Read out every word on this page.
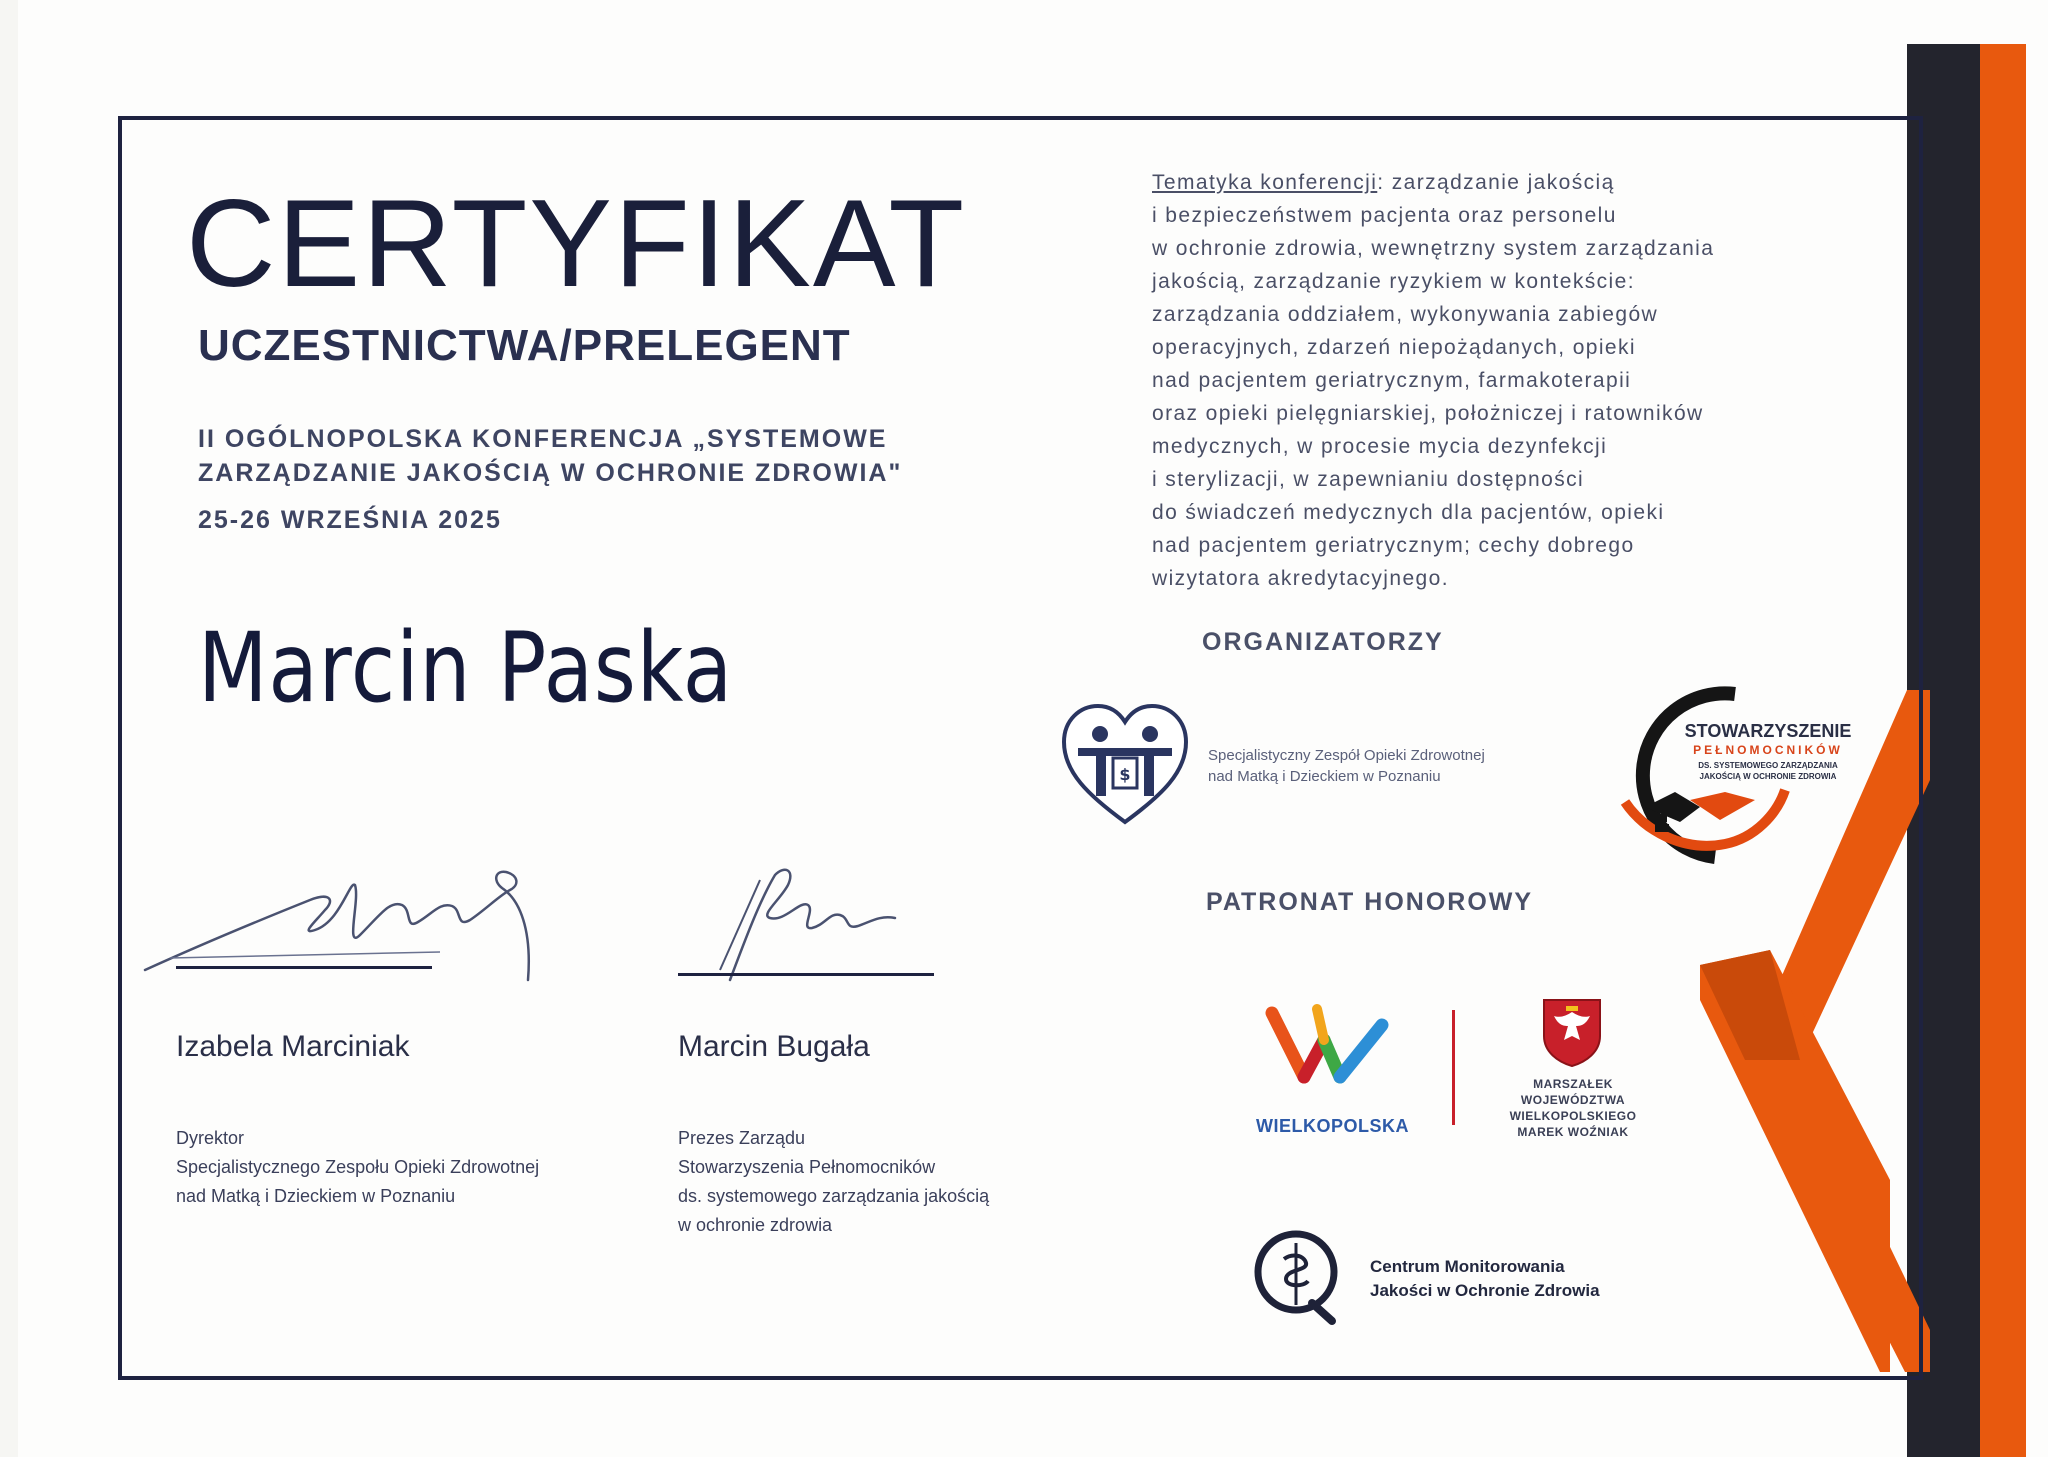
CERTYFIKAT
UCZESTNICTWA/PRELEGENT
II OGÓLNOPOLSKA KONFERENCJA „SYSTEMOWE
ZARZĄDZANIE JAKOŚCIĄ W OCHRONIE ZDROWIA"
25-26 WRZEŚNIA 2025
Marcin Paska
Izabela Marciniak
Dyrektor
Specjalistycznego Zespołu Opieki Zdrowotnej
nad Matką i Dzieckiem w Poznaniu
Marcin Bugała
Prezes Zarządu
Stowarzyszenia Pełnomocników
ds. systemowego zarządzania jakością
w ochronie zdrowia
Tematyka konferencji: zarządzanie jakością
i bezpieczeństwem pacjenta oraz personelu
w ochronie zdrowia, wewnętrzny system zarządzania
jakością, zarządzanie ryzykiem w kontekście:
zarządzania oddziałem, wykonywania zabiegów
operacyjnych, zdarzeń niepożądanych, opieki
nad pacjentem geriatrycznym, farmakoterapii
oraz opieki pielęgniarskiej, położniczej i ratowników
medycznych, w procesie mycia dezynfekcji
i sterylizacji, w zapewnianiu dostępności
do świadczeń medycznych dla pacjentów, opieki
nad pacjentem geriatrycznym; cechy dobrego
wizytatora akredytacyjnego.
ORGANIZATORZY
$
Specjalistyczny Zespół Opieki Zdrowotnej
nad Matką i Dzieckiem w Poznaniu
STOWARZYSZENIE
PEŁNOMOCNIKÓW
DS. SYSTEMOWEGO ZARZĄDZANIA
JAKOŚCIĄ W OCHRONIE ZDROWIA
PATRONAT HONOROWY
WIELKOPOLSKA
MARSZAŁEK
WOJEWÓDZTWA
WIELKOPOLSKIEGO
MAREK WOŹNIAK
Centrum Monitorowania
Jakości w Ochronie Zdrowia
